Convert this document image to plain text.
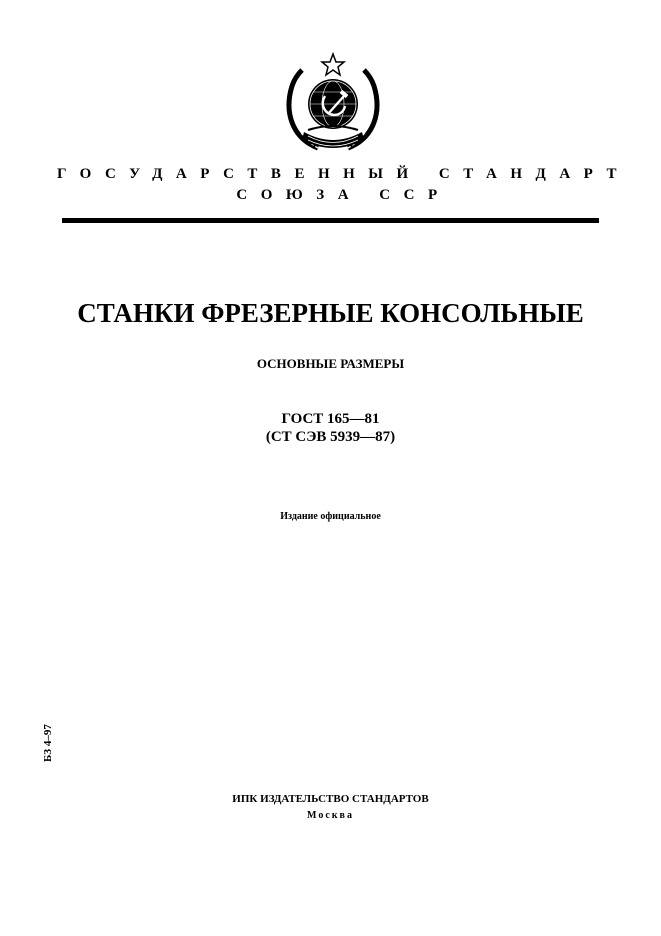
ГОСУДАРСТВЕННЫЙ СТАНДАРТ
СОЮЗА ССР
СТАНКИ ФРЕЗЕРНЫЕ КОНСОЛЬНЫЕ
ОСНОВНЫЕ РАЗМЕРЫ
ГОСТ 165—81
(СТ СЭВ 5939—87)
Издание официальное
БЗ 4–97
ИПК ИЗДАТЕЛЬСТВО СТАНДАРТОВ
Москва
